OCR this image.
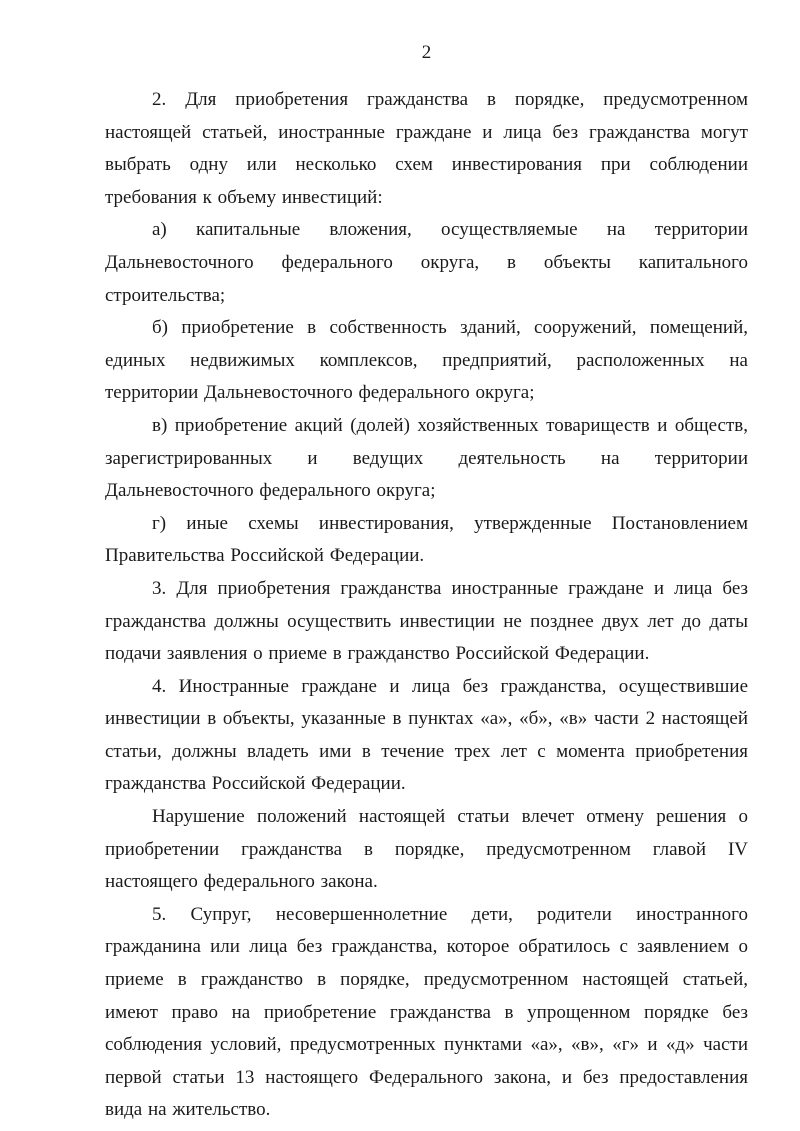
2

2. Для приобретения гражданства в порядке, предусмотренном настоящей статьей, иностранные граждане и лица без гражданства могут выбрать одну или несколько схем инвестирования при соблюдении требования к объему инвестиций:

а) капитальные вложения, осуществляемые на территории Дальневосточного федерального округа, в объекты капитального строительства;

б) приобретение в собственность зданий, сооружений, помещений, единых недвижимых комплексов, предприятий, расположенных на территории Дальневосточного федерального округа;

в) приобретение акций (долей) хозяйственных товариществ и обществ, зарегистрированных и ведущих деятельность на территории Дальневосточного федерального округа;

г) иные схемы инвестирования, утвержденные Постановлением Правительства Российской Федерации.

3. Для приобретения гражданства иностранные граждане и лица без гражданства должны осуществить инвестиции не позднее двух лет до даты подачи заявления о приеме в гражданство Российской Федерации.

4. Иностранные граждане и лица без гражданства, осуществившие инвестиции в объекты, указанные в пунктах «а», «б», «в» части 2 настоящей статьи, должны владеть ими в течение трех лет с момента приобретения гражданства Российской Федерации.

Нарушение положений настоящей статьи влечет отмену решения о приобретении гражданства в порядке, предусмотренном главой IV настоящего федерального закона.

5. Супруг, несовершеннолетние дети, родители иностранного гражданина или лица без гражданства, которое обратилось с заявлением о приеме в гражданство в порядке, предусмотренном настоящей статьей, имеют право на приобретение гражданства в упрощенном порядке без соблюдения условий, предусмотренных пунктами «а», «в», «г» и «д» части первой статьи 13 настоящего Федерального закона, и без предоставления вида на жительство.
